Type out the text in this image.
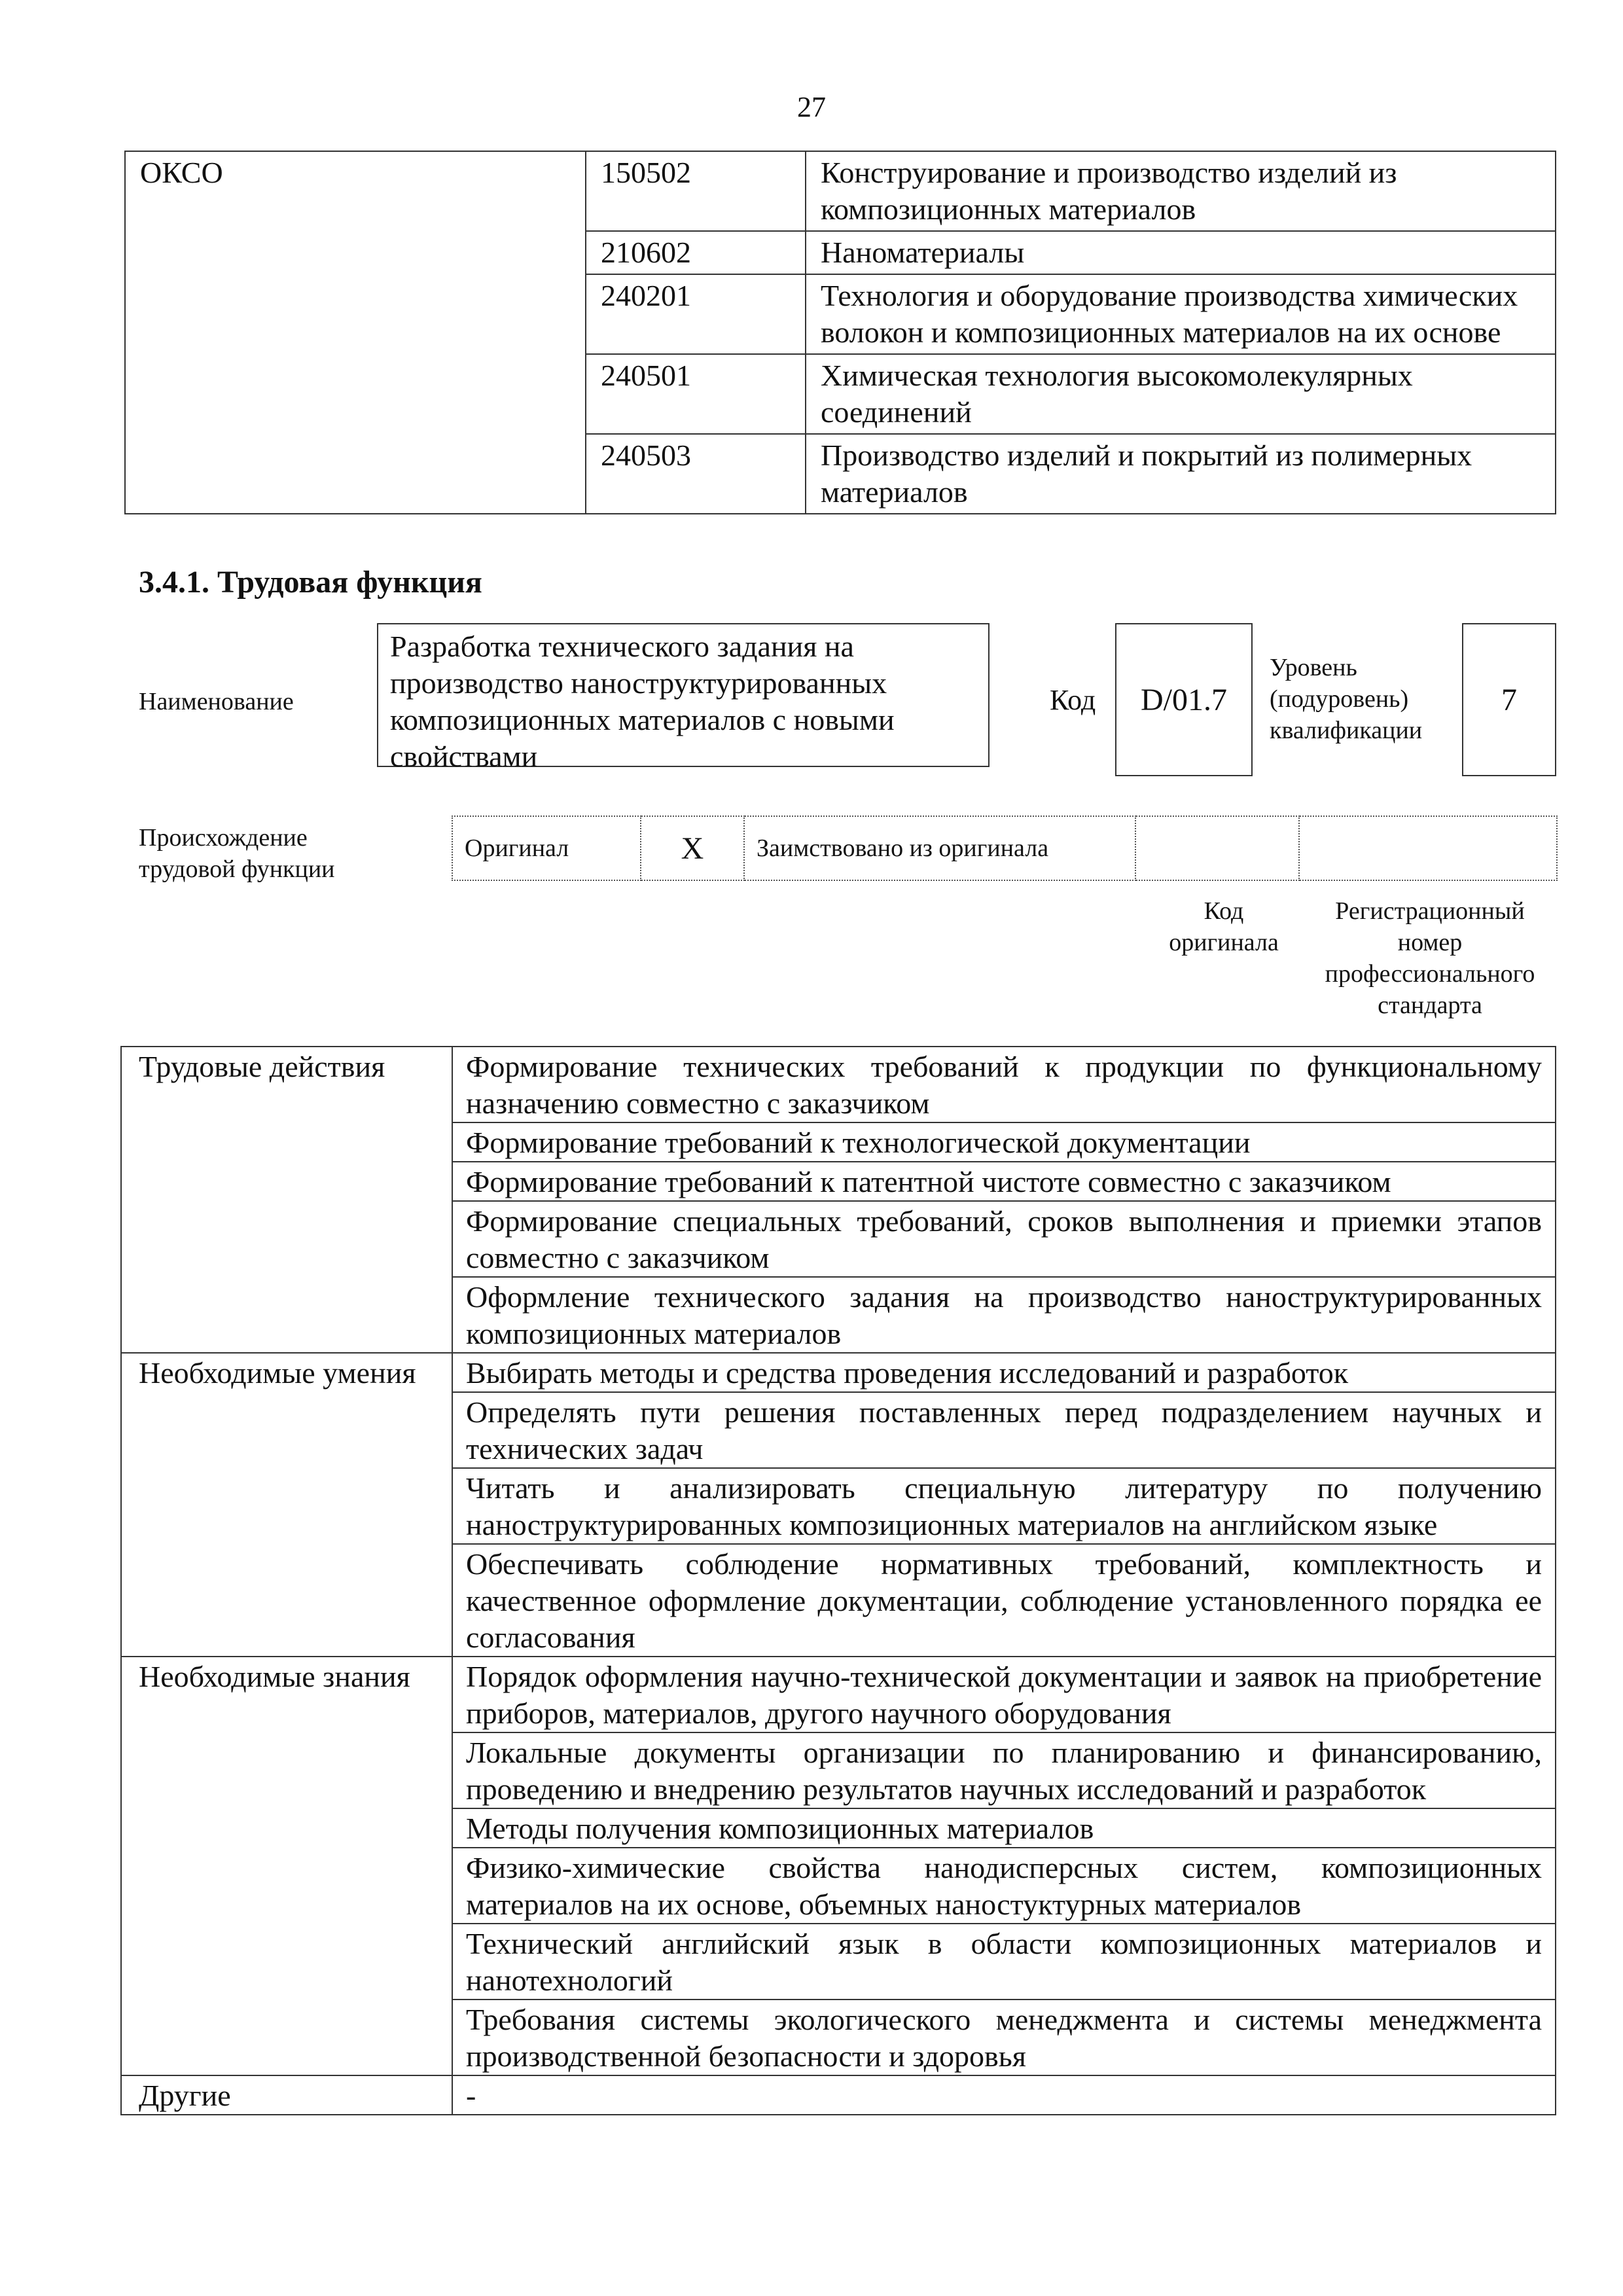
27
ОКСО	150502	Конструирование и производство изделий из композиционных материалов
	210602	Наноматериалы
	240201	Технология и оборудование производства химических волокон и композиционных материалов на их основе
	240501	Химическая технология высокомолекулярных соединений
	240503	Производство изделий и покрытий из полимерных материалов
3.4.1. Трудовая функция
Наименование
Разработка технического задания на производство наноструктурированных композиционных материалов с новыми свойствами
Код D/01.7
Уровень
(подуровень)
квалификации
7
Происхождение
трудовой функции
Оригинал	X	Заимствовано из оригинала		
Код
оригинала
Регистрационный
номер
профессионального
стандарта
Трудовые действия	Формирование технических требований к продукции по функциональному назначению совместно с заказчиком
	Формирование требований к технологической документации
	Формирование требований к патентной чистоте совместно с заказчиком
	Формирование специальных требований, сроков выполнения и приемки этапов совместно с заказчиком
	Оформление технического задания на производство наноструктурированных композиционных материалов
Необходимые умения	Выбирать методы и средства проведения исследований и разработок
	Определять пути решения поставленных перед подразделением научных и технических задач
	Читать и анализировать специальную литературу по получению наноструктурированных композиционных материалов на английском языке
	Обеспечивать соблюдение нормативных требований, комплектность и качественное оформление документации, соблюдение установленного порядка ее согласования
Необходимые знания	Порядок оформления научно-технической документации и заявок на приобретение приборов, материалов, другого научного оборудования
	Локальные документы организации по планированию и финансированию, проведению и внедрению результатов научных исследований и разработок
	Методы получения композиционных материалов
	Физико-химические свойства нанодисперсных систем, композиционных материалов на их основе, объемных наностуктурных материалов
	Технический английский язык в области композиционных материалов и нанотехнологий
	Требования системы экологического менеджмента и системы менеджмента производственной безопасности и здоровья
Другие	-
